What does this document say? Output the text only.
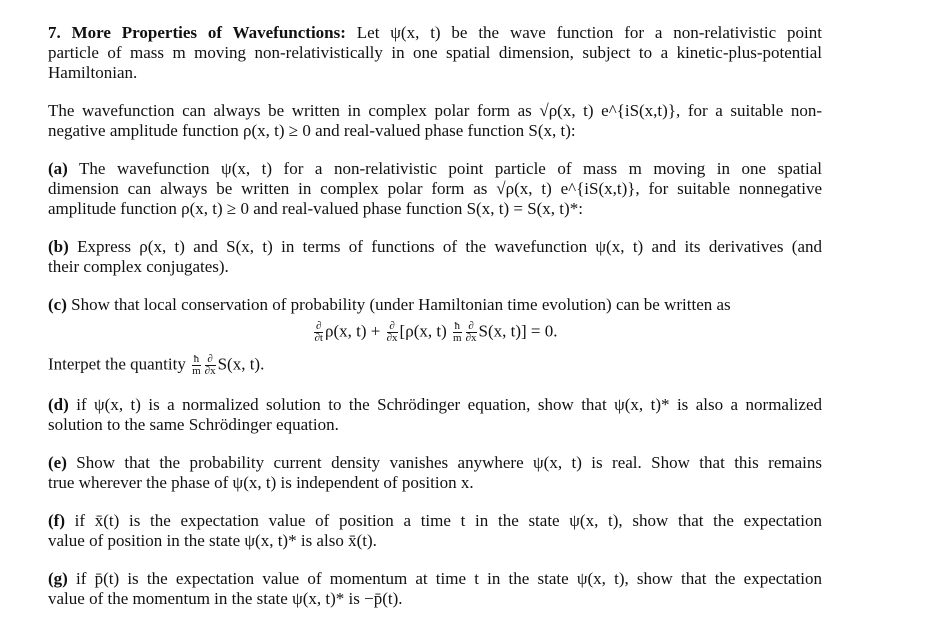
7. More Properties of Wavefunctions: Let ψ(x, t) be the wave function for a non-relativistic point
particle of mass m moving non-relativistically in one spatial dimension, subject to a kinetic-plus-potential
Hamiltonian.
The wavefunction can always be written in complex polar form as √ρ(x, t) e^{iS(x,t)}, for a suitable non-
negative amplitude function ρ(x, t) ≥ 0 and real-valued phase function S(x, t):
(a) The wavefunction ψ(x, t) for a non-relativistic point particle of mass m moving in one spatial
dimension can always be written in complex polar form as √ρ(x, t) e^{iS(x,t)}, for suitable nonnegative
amplitude function ρ(x, t) ≥ 0 and real-valued phase function S(x, t) = S(x, t)*:
(b) Express ρ(x, t) and S(x, t) in terms of functions of the wavefunction ψ(x, t) and its derivatives (and
their complex conjugates).
(c) Show that local conservation of probability (under Hamiltonian time evolution) can be written as
$\frac{\partial}{\partial t} \rho(x$, $t) + \frac{\partial}{\partial x} [\rho(x$, $t) \frac{ħ}{m} \frac{\partial}{\partial x} S(x$, t)] = 0.
Interpet the quantity $\frac{ħ}{m} \frac{\partial}{\partial x} S(x$, t).
(d) if ψ(x, t) is a normalized solution to the Schrödinger equation, show that ψ(x, t)* is also a normalized
solution to the same Schrödinger equation.
(e) Show that the probability current density vanishes anywhere ψ(x, t) is real. Show that this remains
true wherever the phase of ψ(x, t) is independent of position x.
(f) if x̄(t) is the expectation value of position a time t in the state ψ(x, t), show that the expectation
value of position in the state ψ(x, t)* is also x̄(t).
(g) if p̄(t) is the expectation value of momentum at time t in the state ψ(x, t), show that the expectation
value of the momentum in the state ψ(x, t)* is −p̄(t).
